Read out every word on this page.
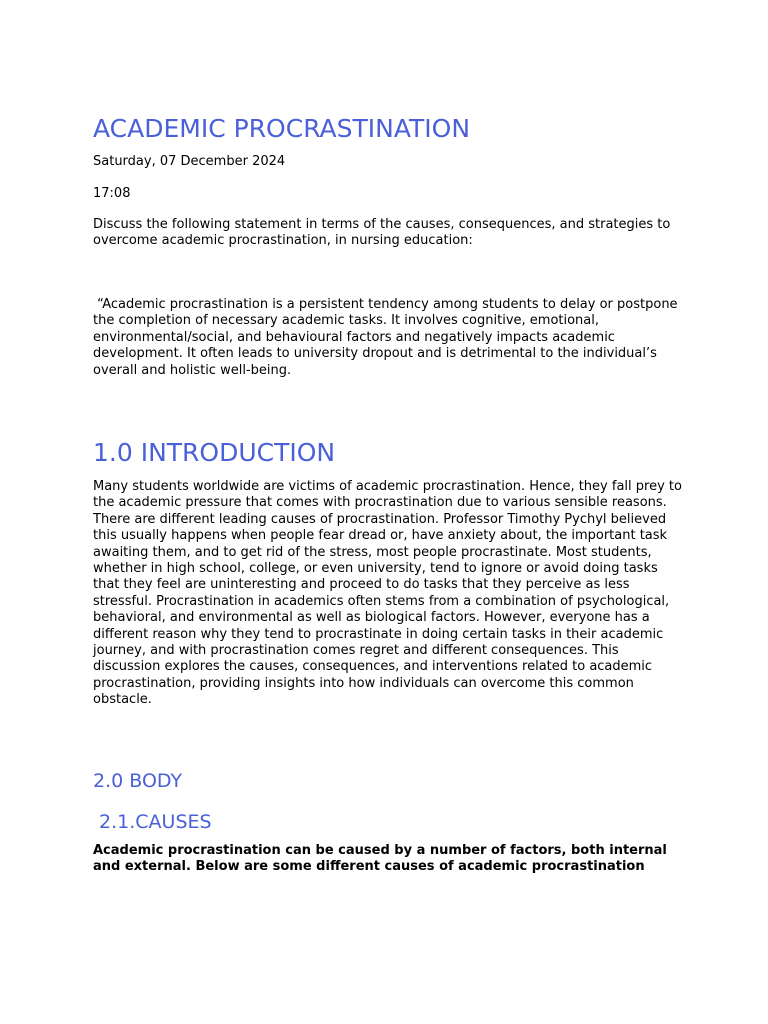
ACADEMIC PROCRASTINATION

Saturday, 07 December 2024

17:08

Discuss the following statement in terms of the causes, consequences, and strategies to overcome academic procrastination, in nursing education:

“Academic procrastination is a persistent tendency among students to delay or postpone the completion of necessary academic tasks. It involves cognitive, emotional, environmental/social, and behavioural factors and negatively impacts academic development. It often leads to university dropout and is detrimental to the individual’s overall and holistic well-being.

1.0 INTRODUCTION

Many students worldwide are victims of academic procrastination. Hence, they fall prey to the academic pressure that comes with procrastination due to various sensible reasons. There are different leading causes of procrastination. Professor Timothy Pychyl believed this usually happens when people fear dread or, have anxiety about, the important task awaiting them, and to get rid of the stress, most people procrastinate. Most students, whether in high school, college, or even university, tend to ignore or avoid doing tasks that they feel are uninteresting and proceed to do tasks that they perceive as less stressful. Procrastination in academics often stems from a combination of psychological, behavioral, and environmental as well as biological factors. However, everyone has a different reason why they tend to procrastinate in doing certain tasks in their academic journey, and with procrastination comes regret and different consequences. This discussion explores the causes, consequences, and interventions related to academic procrastination, providing insights into how individuals can overcome this common obstacle.

2.0 BODY
2.1.CAUSES

Academic procrastination can be caused by a number of factors, both internal and external. Below are some different causes of academic procrastination
